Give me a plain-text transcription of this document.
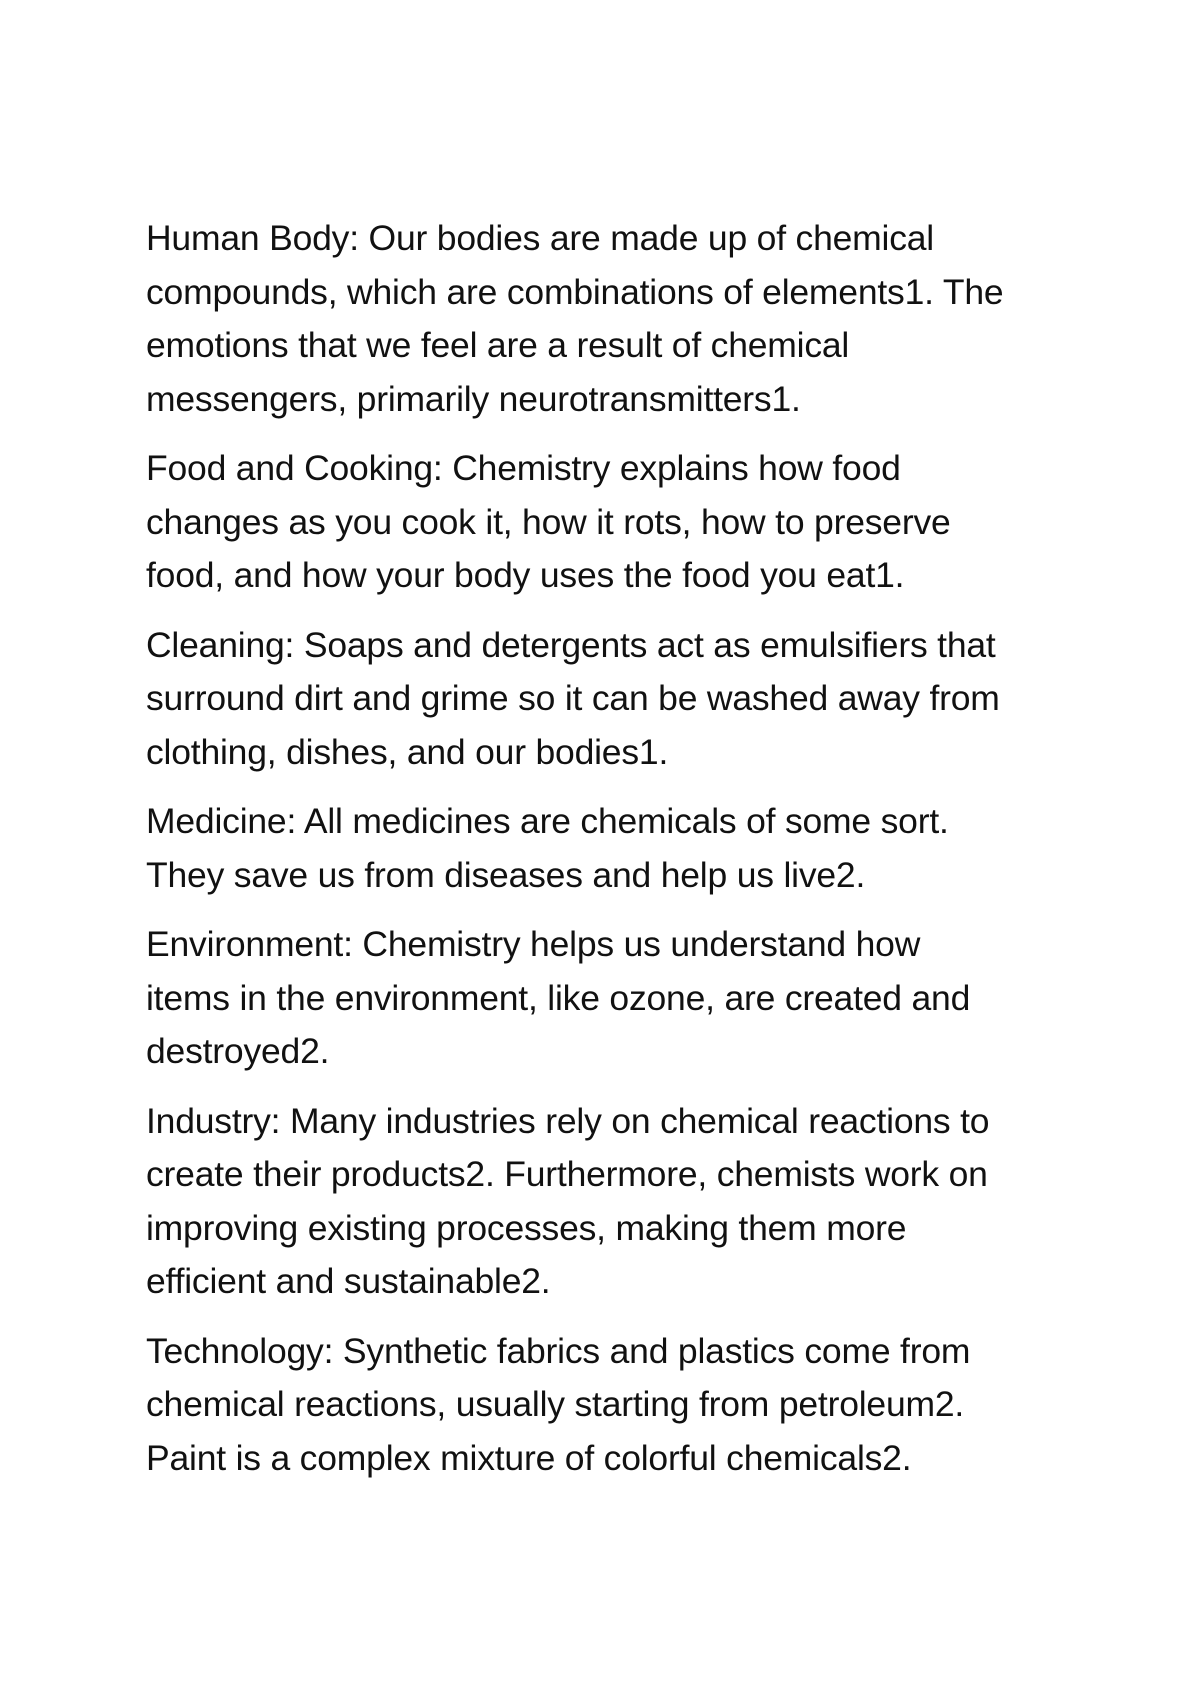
Human Body: Our bodies are made up of chemical
compounds, which are combinations of elements1. The
emotions that we feel are a result of chemical
messengers, primarily neurotransmitters1.

Food and Cooking: Chemistry explains how food
changes as you cook it, how it rots, how to preserve
food, and how your body uses the food you eat1.

Cleaning: Soaps and detergents act as emulsifiers that
surround dirt and grime so it can be washed away from
clothing, dishes, and our bodies1.

Medicine: All medicines are chemicals of some sort.
They save us from diseases and help us live2.

Environment: Chemistry helps us understand how
items in the environment, like ozone, are created and
destroyed2.

Industry: Many industries rely on chemical reactions to
create their products2. Furthermore, chemists work on
improving existing processes, making them more
efficient and sustainable2.

Technology: Synthetic fabrics and plastics come from
chemical reactions, usually starting from petroleum2.
Paint is a complex mixture of colorful chemicals2.
